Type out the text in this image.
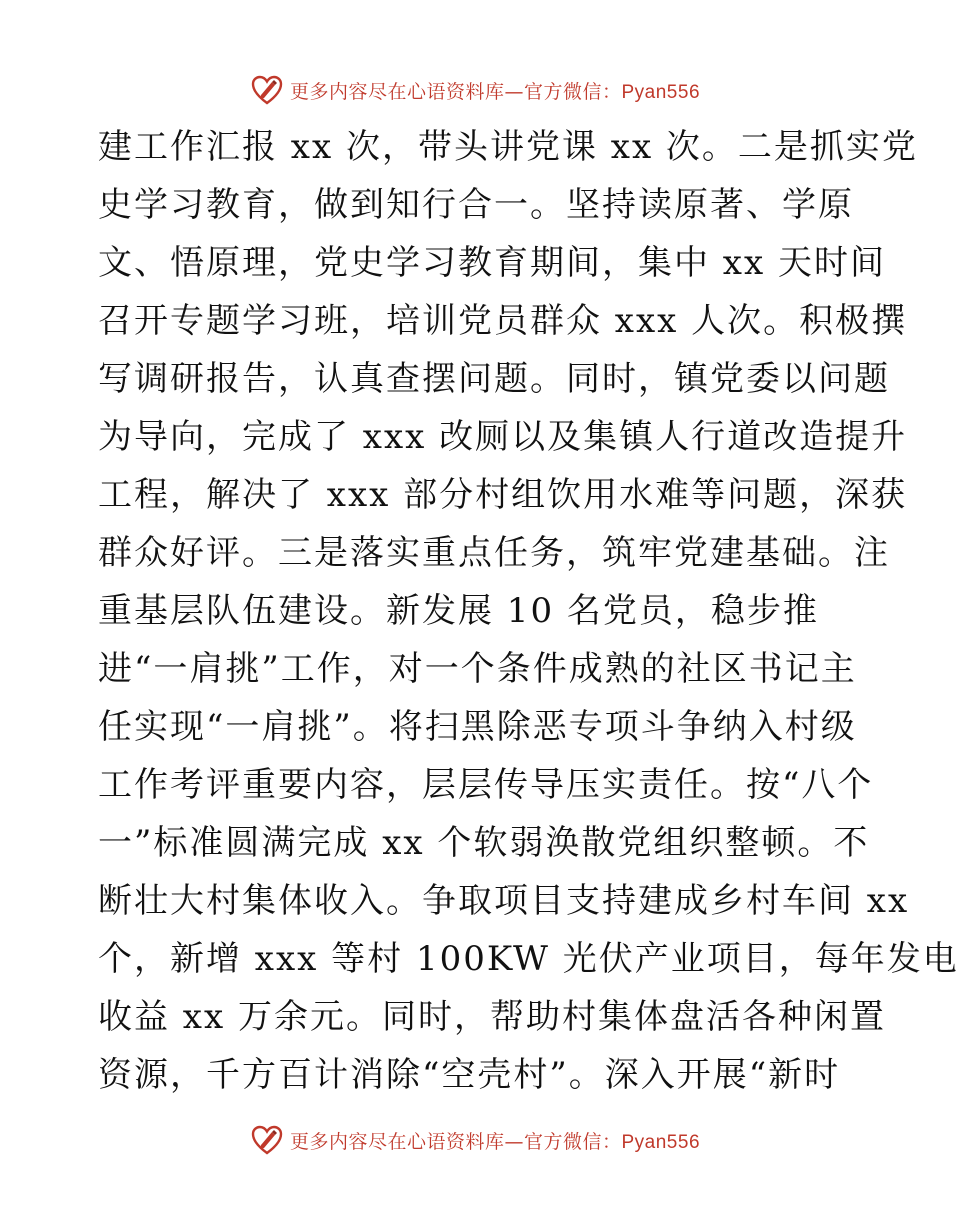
更多内容尽在心语资料库—官方微信：Pyan556
建工作汇报 xx 次，带头讲党课 xx 次。二是抓实党
史学习教育，做到知行合一。坚持读原著、学原
文、悟原理，党史学习教育期间，集中 xx 天时间
召开专题学习班，培训党员群众 xxx 人次。积极撰
写调研报告，认真查摆问题。同时，镇党委以问题
为导向，完成了 xxx 改厕以及集镇人行道改造提升
工程，解决了 xxx 部分村组饮用水难等问题，深获
群众好评。三是落实重点任务，筑牢党建基础。注
重基层队伍建设。新发展 10 名党员，稳步推
进“一肩挑”工作，对一个条件成熟的社区书记主
任实现“一肩挑”。将扫黑除恶专项斗争纳入村级
工作考评重要内容，层层传导压实责任。按“八个
一”标准圆满完成 xx 个软弱涣散党组织整顿。不
断壮大村集体收入。争取项目支持建成乡村车间 xx
个，新增 xxx 等村 100KW 光伏产业项目，每年发电
收益 xx 万余元。同时，帮助村集体盘活各种闲置
资源，千方百计消除“空壳村”。深入开展“新时
更多内容尽在心语资料库—官方微信：Pyan556
